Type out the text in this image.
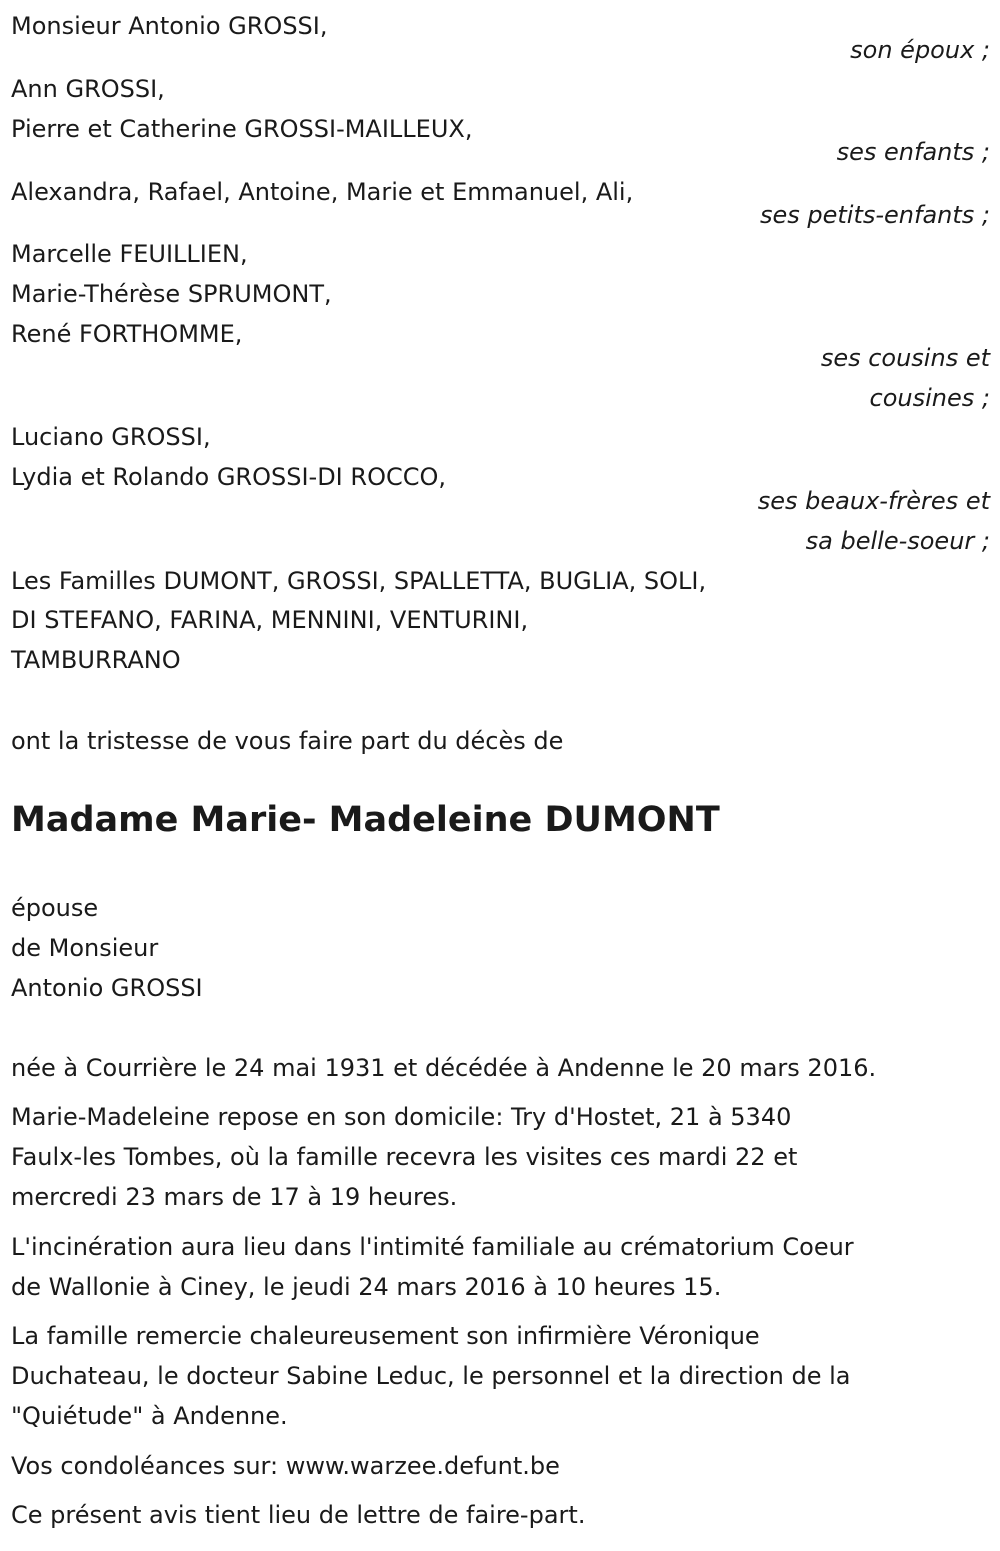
Monsieur Antonio GROSSI,
son époux ;
Ann GROSSI,
Pierre et Catherine GROSSI-MAILLEUX,
ses enfants ;
Alexandra, Rafael, Antoine, Marie et Emmanuel, Ali,
ses petits-enfants ;
Marcelle FEUILLIEN,
Marie-Thérèse SPRUMONT,
René FORTHOMME,
ses cousins et
cousines ;
Luciano GROSSI,
Lydia et Rolando GROSSI-DI ROCCO,
ses beaux-frères et
sa belle-soeur ;
Les Familles DUMONT, GROSSI, SPALLETTA, BUGLIA, SOLI,
DI STEFANO, FARINA, MENNINI, VENTURINI,
TAMBURRANO
ont la tristesse de vous faire part du décès de
Madame Marie- Madeleine DUMONT
épouse
de Monsieur
Antonio GROSSI
née à Courrière le 24 mai 1931 et décédée à Andenne le 20 mars 2016.
Marie-Madeleine repose en son domicile: Try d'Hostet, 21 à 5340
Faulx-les Tombes, où la famille recevra les visites ces mardi 22 et
mercredi 23 mars de 17 à 19 heures.
L'incinération aura lieu dans l'intimité familiale au crématorium Coeur
de Wallonie à Ciney, le jeudi 24 mars 2016 à 10 heures 15.
La famille remercie chaleureusement son infirmière Véronique
Duchateau, le docteur Sabine Leduc, le personnel et la direction de la
"Quiétude" à Andenne.
Vos condoléances sur: www.warzee.defunt.be
Ce présent avis tient lieu de lettre de faire-part.
